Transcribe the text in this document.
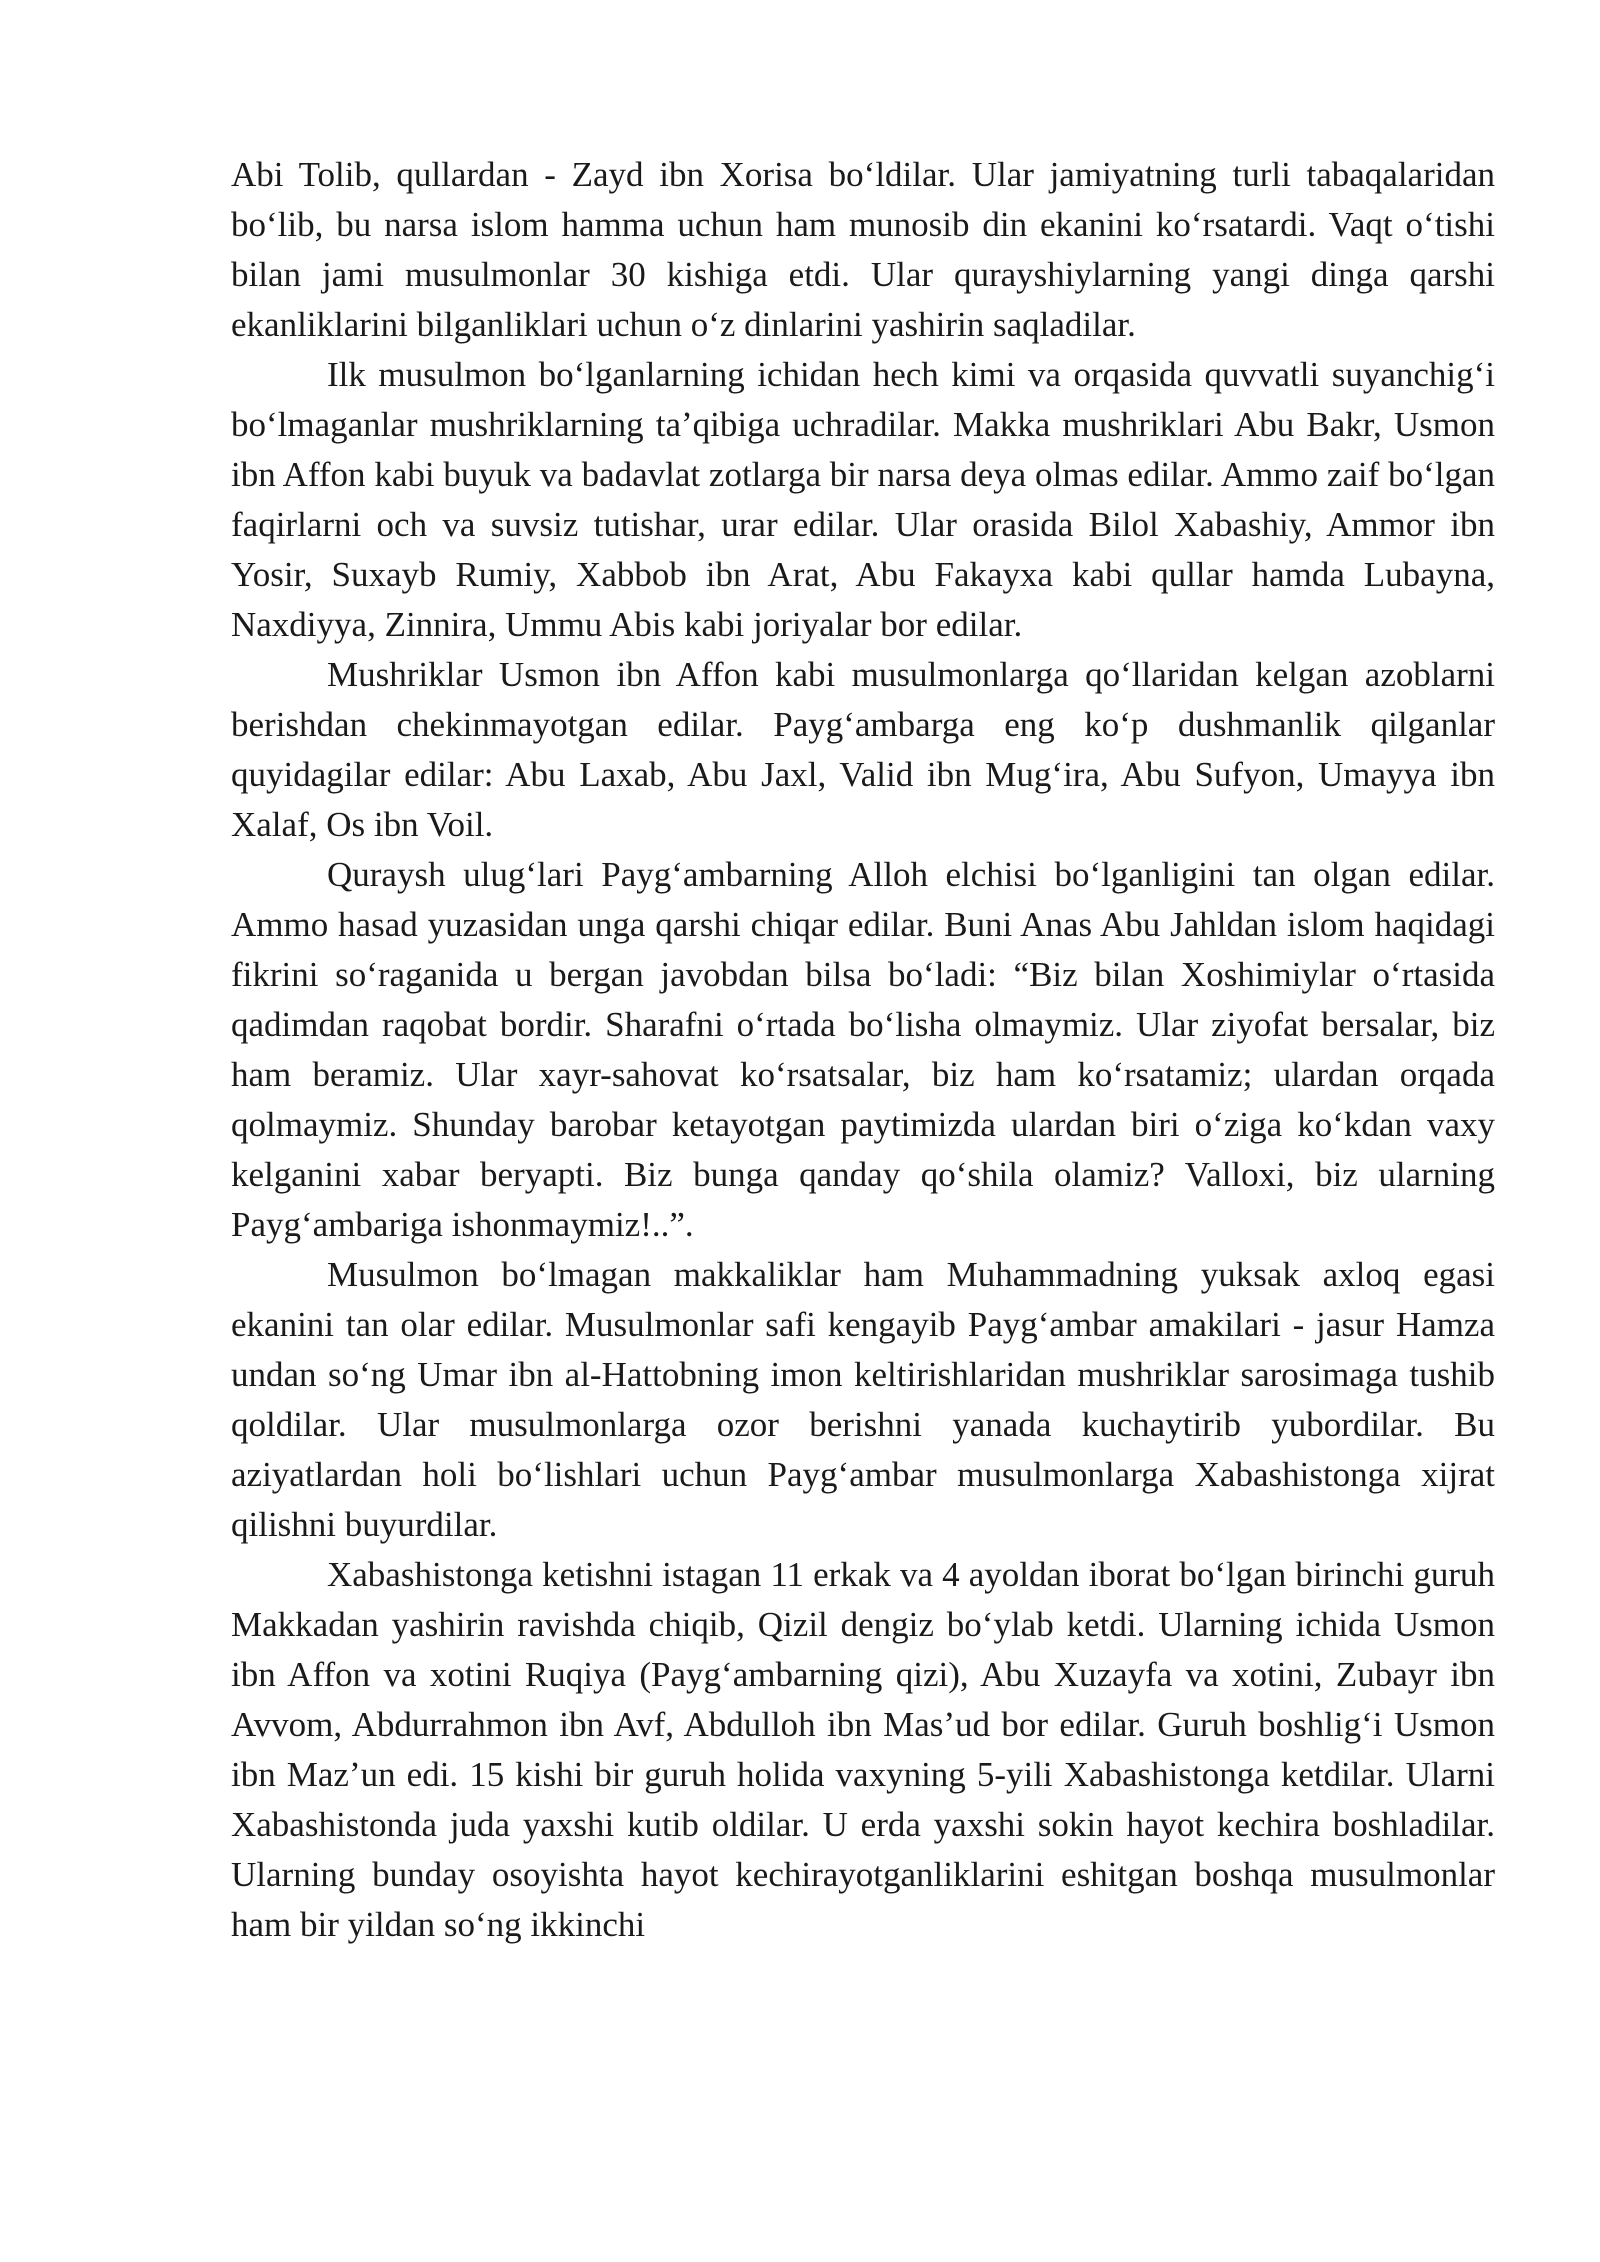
Abi Tolib, qullardan - Zayd ibn Xorisa boʻldilar. Ular jamiyatning turli tabaqalaridan boʻlib, bu narsa islom hamma uchun ham munosib din ekanini koʻrsatardi. Vaqt oʻtishi bilan jami musulmonlar 30 kishiga etdi. Ular qurayshiylarning yangi dinga qarshi ekanliklarini bilganliklari uchun oʻz dinlarini yashirin saqladilar.

Ilk musulmon boʻlganlarning ichidan hech kimi va orqasida quvvatli suyanchigʻi boʻlmaganlar mushriklarning taʼqibiga uchradilar. Makka mushriklari Abu Bakr, Usmon ibn Affon kabi buyuk va badavlat zotlarga bir narsa deya olmas edilar. Ammo zaif boʻlgan faqirlarni och va suvsiz tutishar, urar edilar. Ular orasida Bilol Xabashiy, Ammor ibn Yosir, Suxayb Rumiy, Xabbob ibn Arat, Abu Fakayxa kabi qullar hamda Lubayna, Naxdiyya, Zinnira, Ummu Abis kabi joriyalar bor edilar.

Mushriklar Usmon ibn Affon kabi musulmonlarga qoʻllaridan kelgan azoblarni berishdan chekinmayotgan edilar. Paygʻambarga eng koʻp dushmanlik qilganlar quyidagilar edilar: Abu Laxab, Abu Jaxl, Valid ibn Mugʻira, Abu Sufyon, Umayya ibn Xalaf, Os ibn Voil.

Quraysh ulugʻlari Paygʻambarning Alloh elchisi boʻlganligini tan olgan edilar. Ammo hasad yuzasidan unga qarshi chiqar edilar. Buni Anas Abu Jahldan islom haqidagi fikrini soʻraganida u bergan javobdan bilsa boʻladi: “Biz bilan Xoshimiylar oʻrtasida qadimdan raqobat bordir. Sharafni oʻrtada boʻlisha olmaymiz. Ular ziyofat bersalar, biz ham beramiz. Ular xayr-sahovat koʻrsatsalar, biz ham koʻrsatamiz; ulardan orqada qolmaymiz. Shunday barobar ketayotgan paytimizda ulardan biri oʻziga koʻkdan vaxy kelganini xabar beryapti. Biz bunga qanday qoʻshila olamiz? Valloxi, biz ularning Paygʻambariga ishonmaymiz!..”.

Musulmon boʻlmagan makkaliklar ham Muhammadning yuksak axloq egasi ekanini tan olar edilar. Musulmonlar safi kengayib Paygʻambar amakilari - jasur Hamza undan soʻng Umar ibn al-Hattobning imon keltirishlaridan mushriklar sarosimaga tushib qoldilar. Ular musulmonlarga ozor berishni yanada kuchaytirib yubordilar. Bu aziyatlardan holi boʻlishlari uchun Paygʻambar musulmonlarga Xabashistonga xijrat qilishni buyurdilar.

Xabashistonga ketishni istagan 11 erkak va 4 ayoldan iborat boʻlgan birinchi guruh Makkadan yashirin ravishda chiqib, Qizil dengiz boʻylab ketdi. Ularning ichida Usmon ibn Affon va xotini Ruqiya (Paygʻambarning qizi), Abu Xuzayfa va xotini, Zubayr ibn Avvom, Abdurrahmon ibn Avf, Abdulloh ibn Masʼud bor edilar. Guruh boshligʻi Usmon ibn Mazʼun edi. 15 kishi bir guruh holida vaxyning 5-yili Xabashistonga ketdilar. Ularni Xabashistonda juda yaxshi kutib oldilar. U erda yaxshi sokin hayot kechira boshladilar. Ularning bunday osoyishta hayot kechirayotganliklarini eshitgan boshqa musulmonlar ham bir yildan soʻng ikkinchi
